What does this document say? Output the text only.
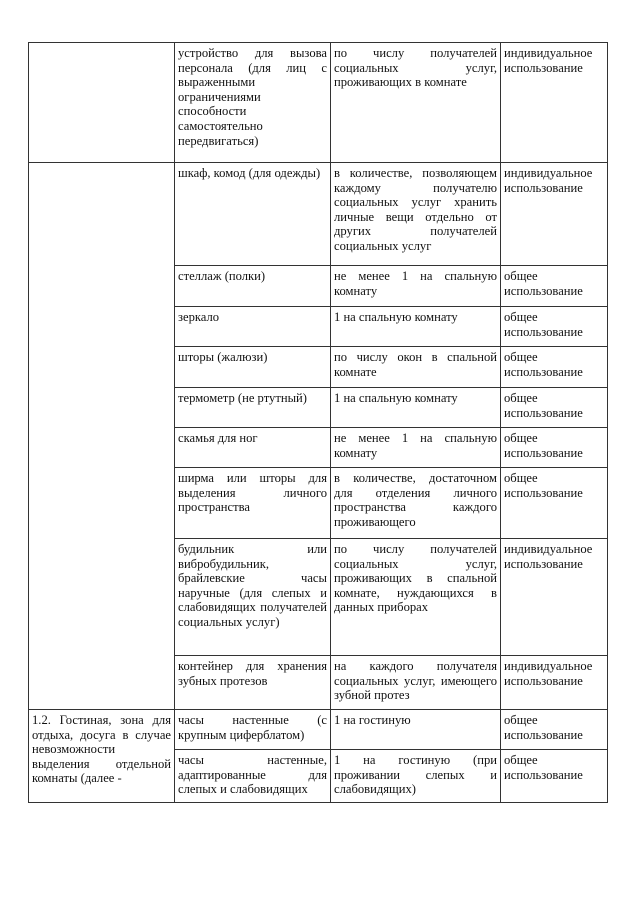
	устройство для вызова персонала (для лиц с выраженными ограничениями способности самостоятельно передвигаться)	по числу получателей социальных услуг, проживающих в комнате	индивидуальное использование
	шкаф, комод (для одежды)	в количестве, позволяющем каждому получателю социальных услуг хранить личные вещи отдельно от других получателей социальных услуг	индивидуальное использование
	стеллаж (полки)	не менее 1 на спальную комнату	общее использование
	зеркало	1 на спальную комнату	общее использование
	шторы (жалюзи)	по числу окон в спальной комнате	общее использование
	термометр (не ртутный)	1 на спальную комнату	общее использование
	скамья для ног	не менее 1 на спальную комнату	общее использование
	ширма или шторы для выделения личного пространства	в количестве, достаточном для отделения личного пространства каждого проживающего	общее использование
	будильник или вибробудильник, брайлевские часы наручные (для слепых и слабовидящих получателей социальных услуг)	по числу получателей социальных услуг, проживающих в спальной комнате, нуждающихся в данных приборах	индивидуальное использование
	контейнер для хранения зубных протезов	на каждого получателя социальных услуг, имеющего зубной протез	индивидуальное использование
1.2. Гостиная, зона для отдыха, досуга в случае невозможности выделения отдельной комнаты (далее -	часы настенные (с крупным циферблатом)	1 на гостиную	общее использование
	часы настенные, адаптированные для слепых и слабовидящих	1 на гостиную (при проживании слепых и слабовидящих)	общее использование
